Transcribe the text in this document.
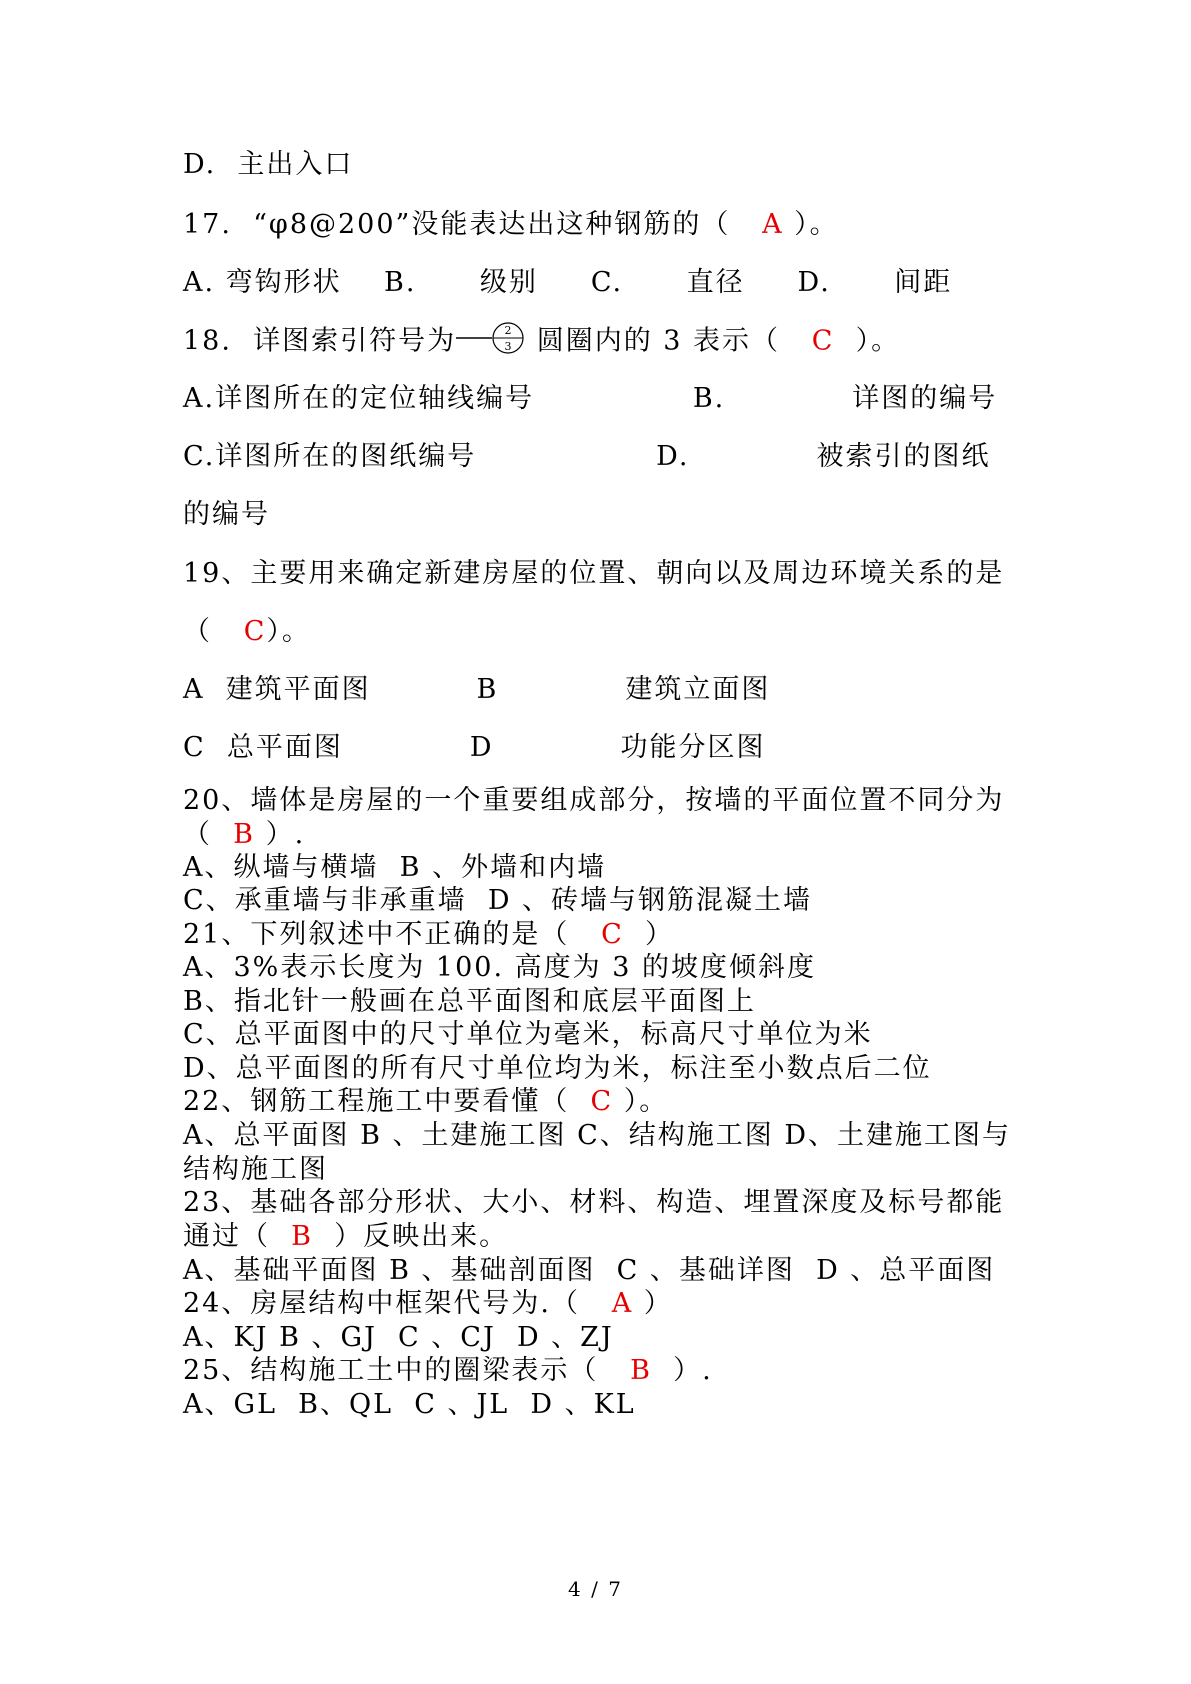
D.  主出入口
17.  “φ8@200”没能表达出这种钢筋的（   A ）。
A. 弯钩形状    B.      级别     C.      直径     D.      间距
18.  详图索引符号为	2
3 圆圈内的 3 表示（   C  ）。
A.详图所在的定位轴线编号               B.            详图的编号
C.详图所在的图纸编号                 D.            被索引的图纸
的编号
19、主要用来确定新建房屋的位置、朝向以及周边环境关系的是
（   C）。
A  建筑平面图          B            建筑立面图
C  总平面图            D            功能分区图
20、墙体是房屋的一个重要组成部分，按墙的平面位置不同分为
（  B ）.
A、纵墙与横墙  B 、外墙和内墙
C、承重墙与非承重墙  D 、砖墙与钢筋混凝土墙
21、下列叙述中不正确的是（   C  ）
A、3%表示长度为 100. 高度为 3 的坡度倾斜度
B、指北针一般画在总平面图和底层平面图上
C、总平面图中的尺寸单位为毫米，标高尺寸单位为米
D、总平面图的所有尺寸单位均为米，标注至小数点后二位
22、钢筋工程施工中要看懂（  C ）。
A、总平面图 B 、土建施工图 C、结构施工图 D、土建施工图与
结构施工图
23、基础各部分形状、大小、材料、构造、埋置深度及标号都能
通过（  B  ）反映出来。
A、基础平面图 B 、基础剖面图  C 、基础详图  D 、总平面图
24、房屋结构中框架代号为.（   A ）
A、KJ B 、GJ  C 、CJ  D 、ZJ
25、结构施工土中的圈梁表示（   B  ）.
A、GL  B、QL  C 、JL  D 、KL
4 / 7
